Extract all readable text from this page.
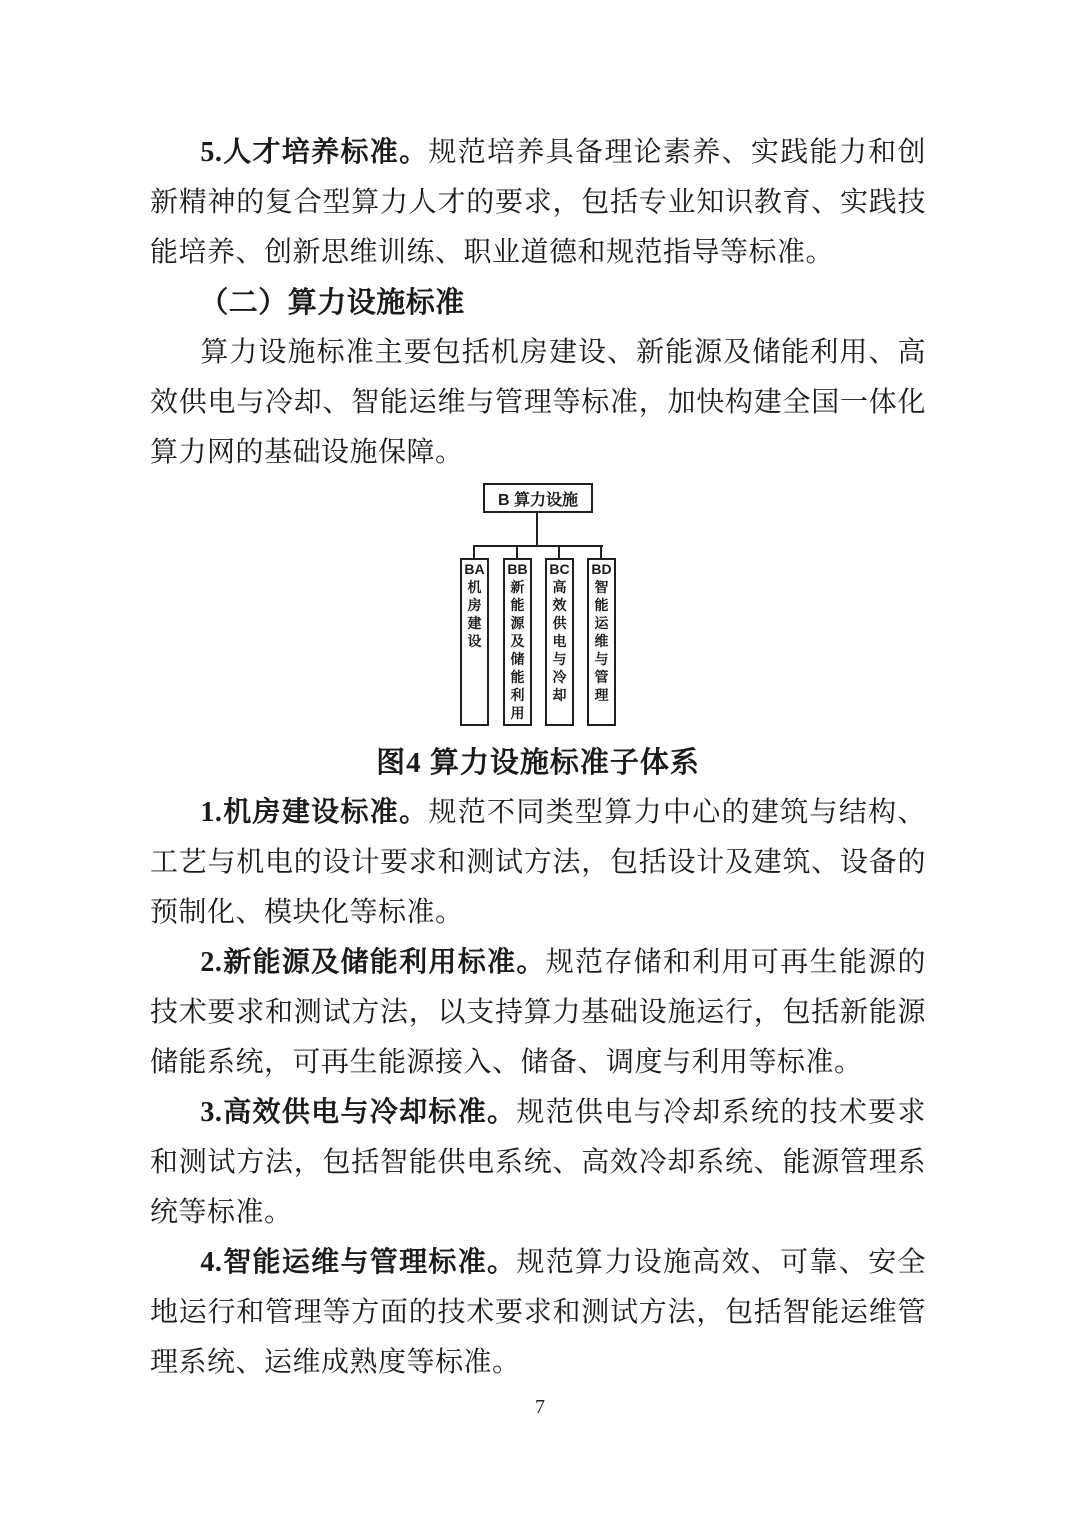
5.人才培养标准。规范培养具备理论素养、实践能力和创新精神的复合型算力人才的要求，包括专业知识教育、实践技能培养、创新思维训练、职业道德和规范指导等标准。

（二）算力设施标准

算力设施标准主要包括机房建设、新能源及储能利用、高效供电与冷却、智能运维与管理等标准，加快构建全国一体化算力网的基础设施保障。

B 算力设施
BA
机房建设
BB
新能源及储能利用
BC
高效供电与冷却
BD
智能运维与管理
图4 算力设施标准子体系

1.机房建设标准。规范不同类型算力中心的建筑与结构、工艺与机电的设计要求和测试方法，包括设计及建筑、设备的预制化、模块化等标准。

2.新能源及储能利用标准。规范存储和利用可再生能源的技术要求和测试方法，以支持算力基础设施运行，包括新能源储能系统，可再生能源接入、储备、调度与利用等标准。

3.高效供电与冷却标准。规范供电与冷却系统的技术要求和测试方法，包括智能供电系统、高效冷却系统、能源管理系统等标准。

4.智能运维与管理标准。规范算力设施高效、可靠、安全地运行和管理等方面的技术要求和测试方法，包括智能运维管理系统、运维成熟度等标准。

7
